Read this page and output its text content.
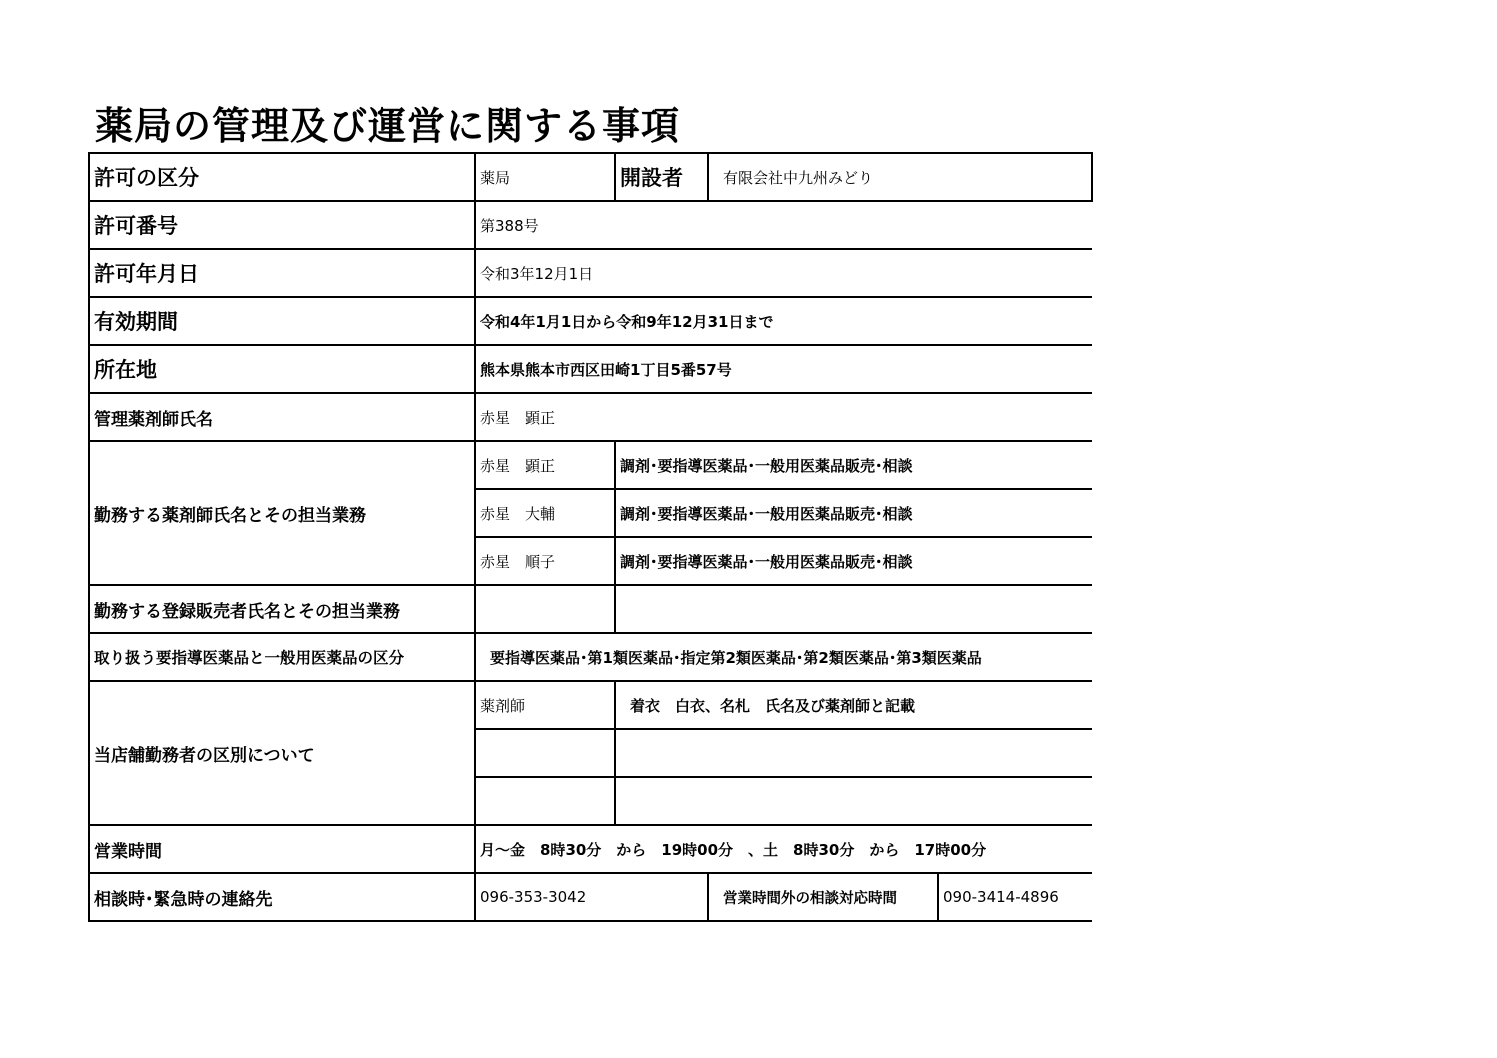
薬局の管理及び運営に関する事項
許可の区分	薬局	開設者	有限会社中九州みどり	
許可番号	第388号			
許可年月日	令和3年12月1日			
有効期間	令和4年1月1日から令和9年12月31日まで			
所在地	熊本県熊本市西区田崎1丁目5番57号			
管理薬剤師氏名	赤星　顕正			
勤務する薬剤師氏名とその担当業務	赤星　顕正	調剤･要指導医薬品･一般用医薬品販売･相談		
	赤星　大輔	調剤･要指導医薬品･一般用医薬品販売･相談		
	赤星　順子	調剤･要指導医薬品･一般用医薬品販売･相談		
勤務する登録販売者氏名とその担当業務				
取り扱う要指導医薬品と一般用医薬品の区分	要指導医薬品･第1類医薬品･指定第2類医薬品･第2類医薬品･第3類医薬品			
当店舗勤務者の区別について	薬剤師	着衣　白衣、名札　氏名及び薬剤師と記載		

営業時間	月～金　8時30分　から　19時00分　、土　8時30分　から　17時00分			
相談時･緊急時の連絡先	096-353-3042		営業時間外の相談対応時間	090-3414-4896
